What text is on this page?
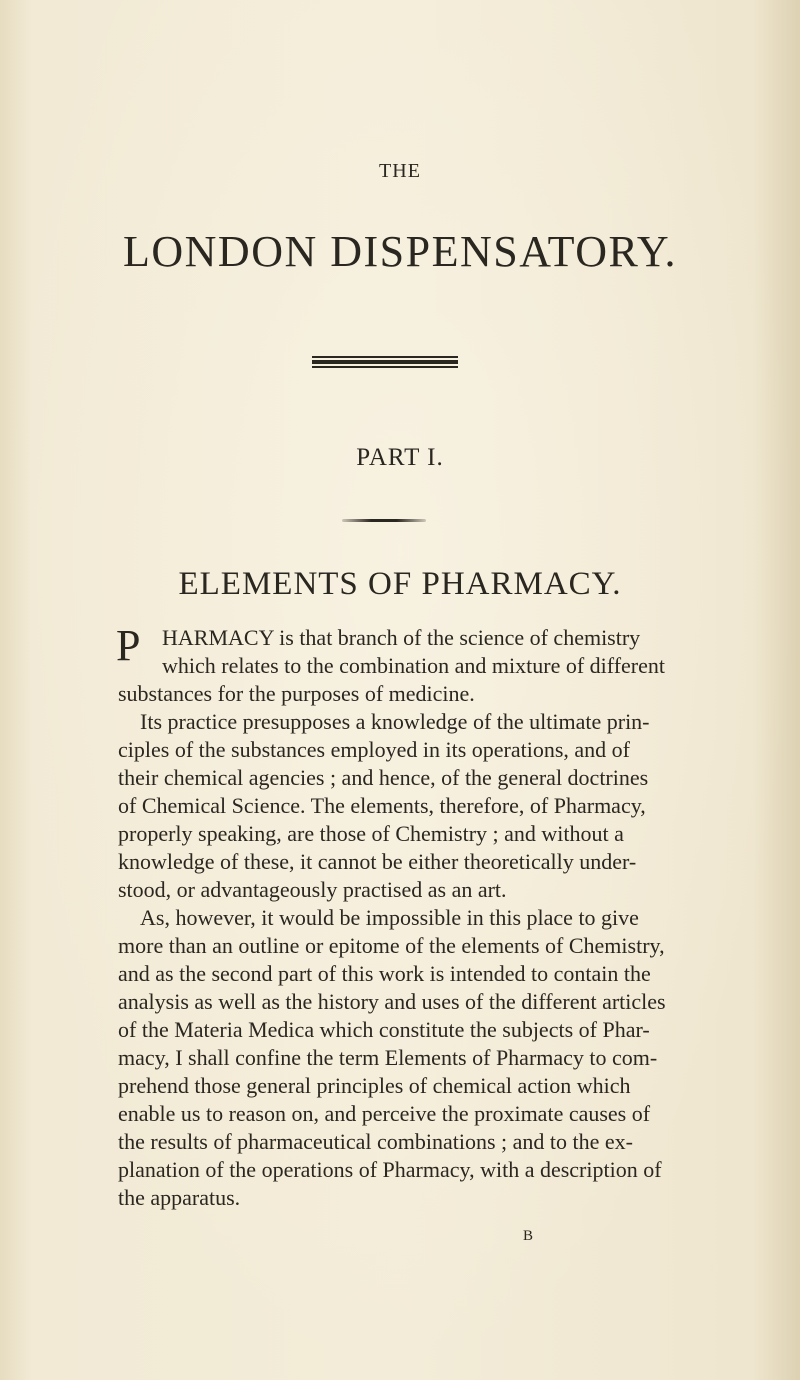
THE
LONDON DISPENSATORY.
PART I.
ELEMENTS OF PHARMACY.
P HARMACY is that branch of the science of chemistry
which relates to the combination and mixture of different
substances for the purposes of medicine.
Its practice presupposes a knowledge of the ultimate prin-
ciples of the substances employed in its operations, and of
their chemical agencies ; and hence, of the general doctrines
of Chemical Science. The elements, therefore, of Pharmacy,
properly speaking, are those of Chemistry ; and without a
knowledge of these, it cannot be either theoretically under-
stood, or advantageously practised as an art.
As, however, it would be impossible in this place to give
more than an outline or epitome of the elements of Chemistry,
and as the second part of this work is intended to contain the
analysis as well as the history and uses of the different articles
of the Materia Medica which constitute the subjects of Phar-
macy, I shall confine the term Elements of Pharmacy to com-
prehend those general principles of chemical action which
enable us to reason on, and perceive the proximate causes of
the results of pharmaceutical combinations ; and to the ex-
planation of the operations of Pharmacy, with a description of
the apparatus.
B
